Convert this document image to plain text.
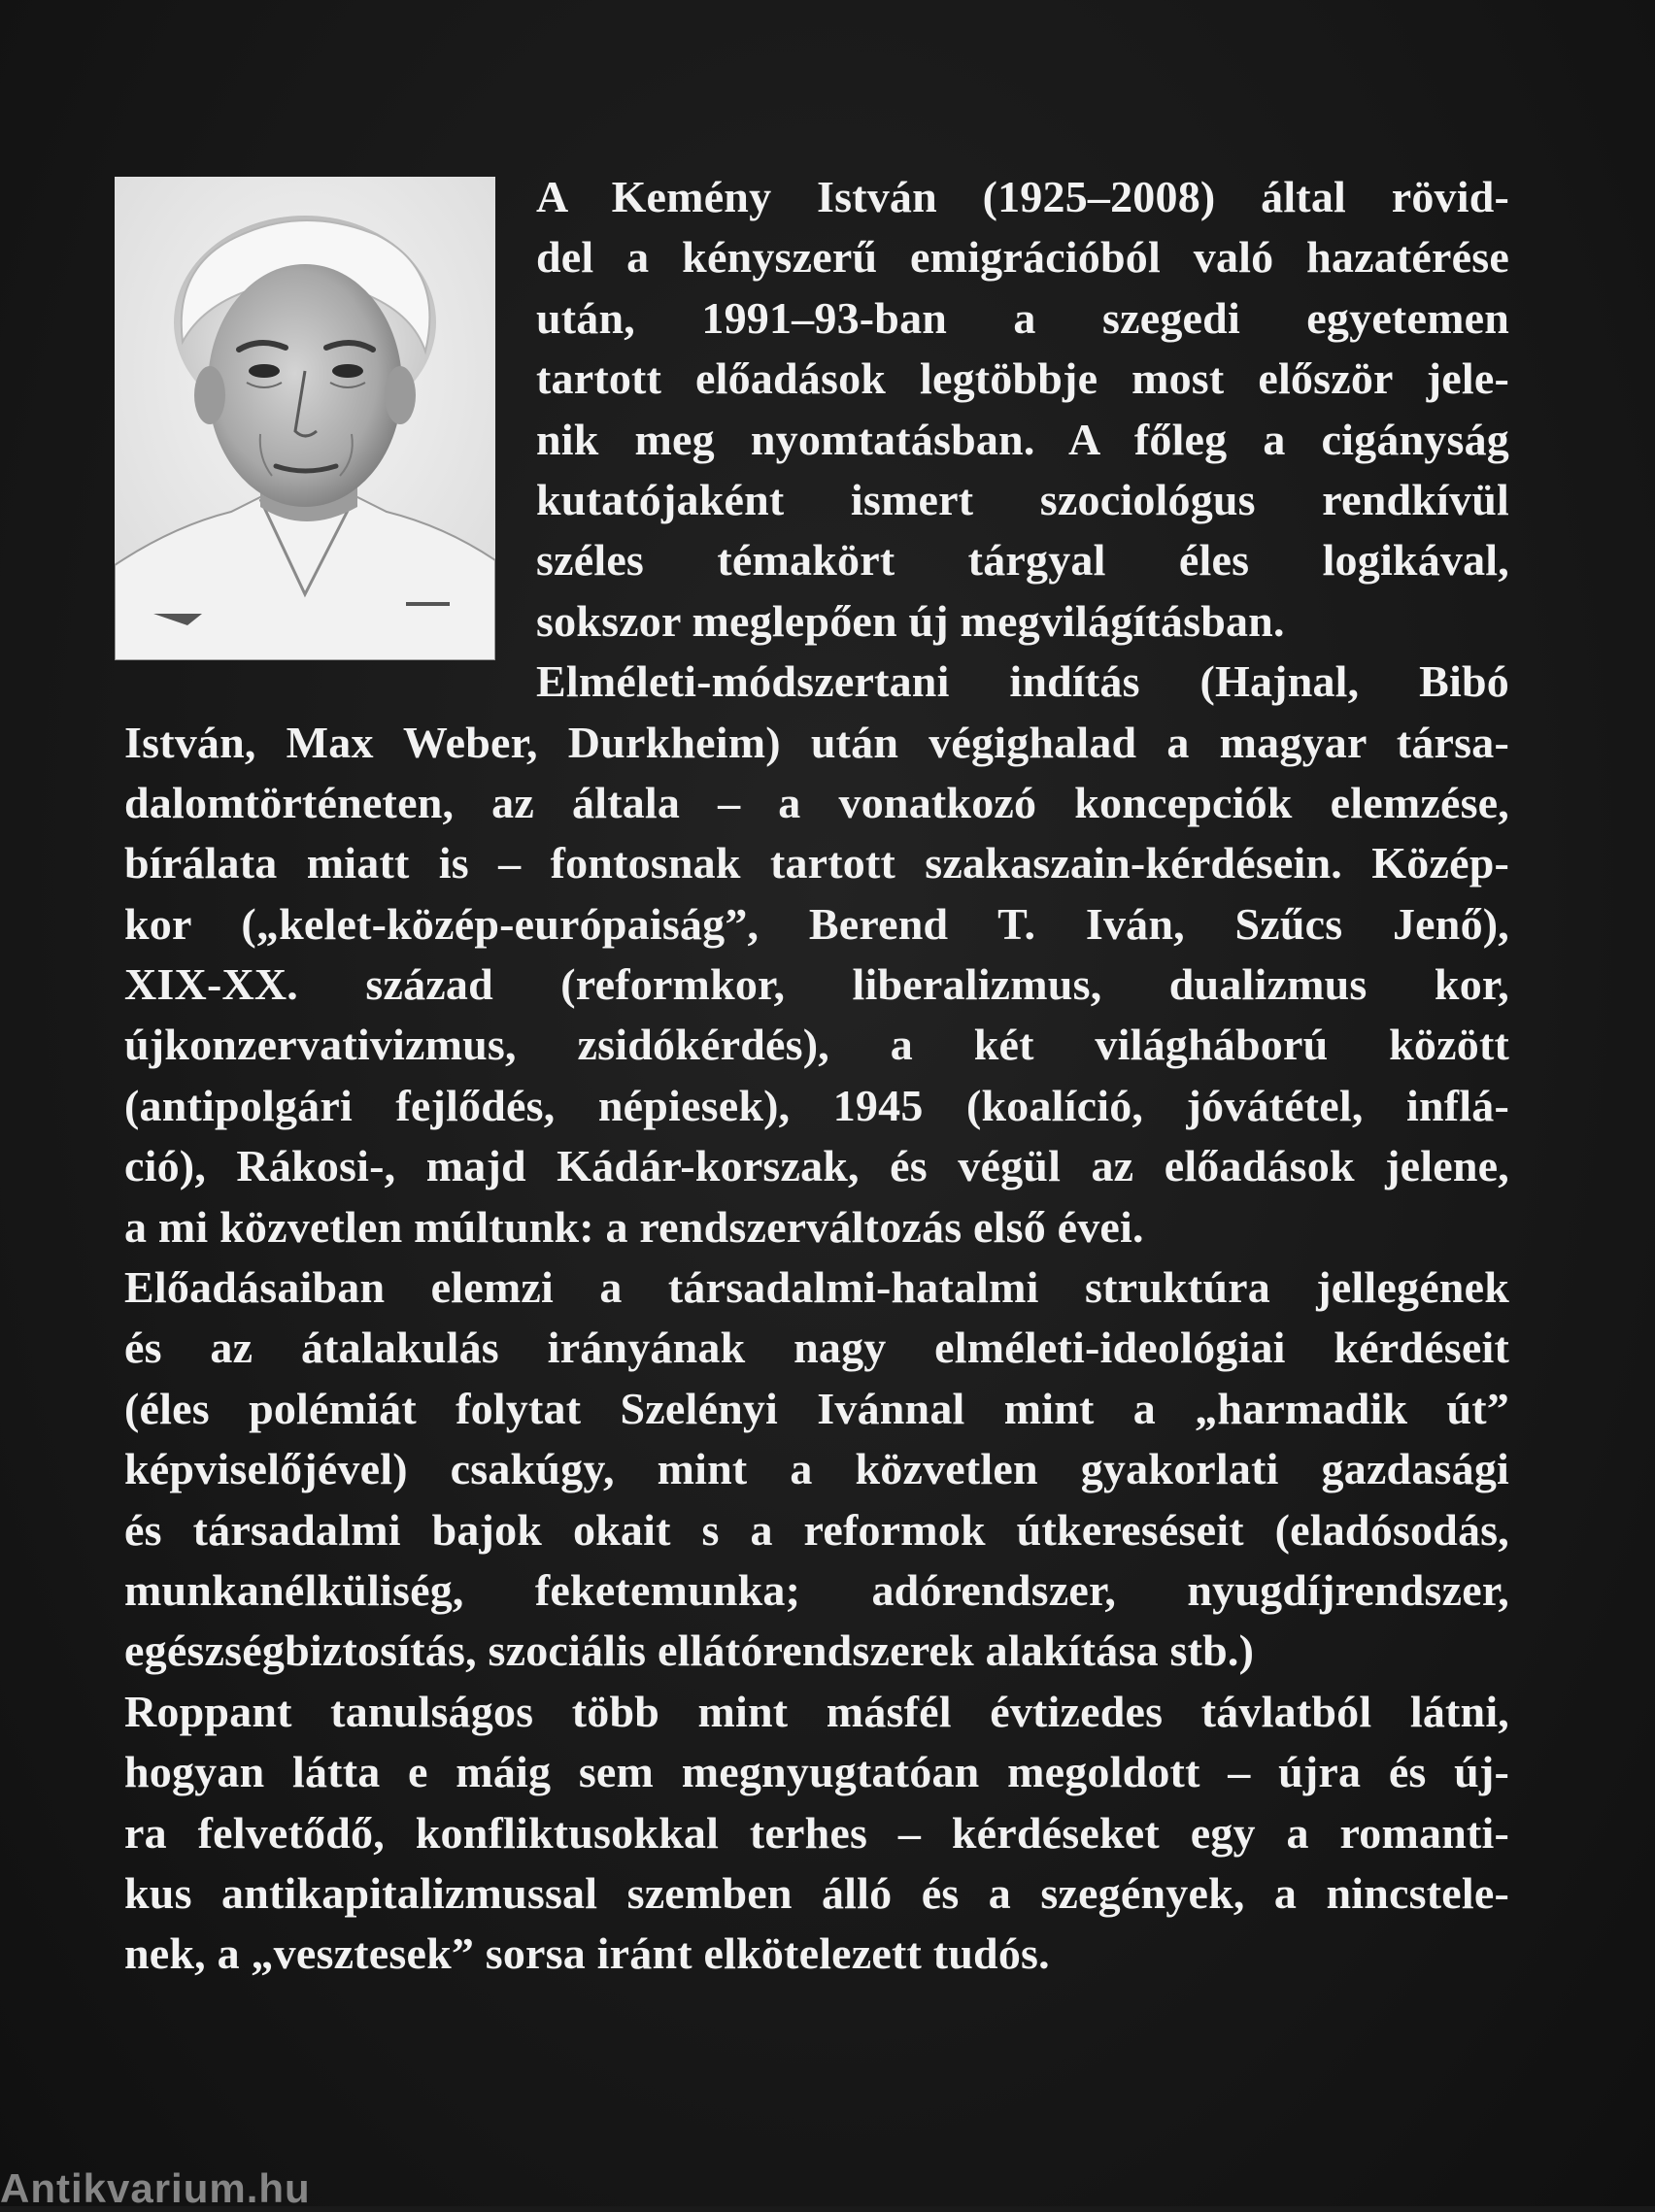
A Kemény István (1925–2008) által rövid-
del a kényszerű emigrációból való hazatérése
után, 1991–93-ban a szegedi egyetemen
tartott előadások legtöbbje most először jele-
nik meg nyomtatásban. A főleg a cigányság
kutatójaként ismert szociológus rendkívül
széles témakört tárgyal éles logikával,
sokszor meglepően új megvilágításban.
Elméleti-módszertani indítás (Hajnal, Bibó
István, Max Weber, Durkheim) után végighalad a magyar társa-
dalomtörténeten, az általa – a vonatkozó koncepciók elemzése,
bírálata miatt is – fontosnak tartott szakaszain-kérdésein. Közép-
kor („kelet-közép-európaiság”, Berend T. Iván, Szűcs Jenő),
XIX-XX. század (reformkor, liberalizmus, dualizmus kor,
újkonzervativizmus, zsidókérdés), a két világháború között
(antipolgári fejlődés, népiesek), 1945 (koalíció, jóvátétel, inflá-
ció), Rákosi-, majd Kádár-korszak, és végül az előadások jelene,
a mi közvetlen múltunk: a rendszerváltozás első évei.
Előadásaiban elemzi a társadalmi-hatalmi struktúra jellegének
és az átalakulás irányának nagy elméleti-ideológiai kérdéseit
(éles polémiát folytat Szelényi Ivánnal mint a „harmadik út”
képviselőjével) csakúgy, mint a közvetlen gyakorlati gazdasági
és társadalmi bajok okait s a reformok útkereséseit (eladósodás,
munkanélküliség, feketemunka; adórendszer, nyugdíjrendszer,
egészségbiztosítás, szociális ellátórendszerek alakítása stb.)
Roppant tanulságos több mint másfél évtizedes távlatból látni,
hogyan látta e máig sem megnyugtatóan megoldott – újra és új-
ra felvetődő, konfliktusokkal terhes – kérdéseket egy a romanti-
kus antikapitalizmussal szemben álló és a szegények, a nincstele-
nek, a „vesztesek” sorsa iránt elkötelezett tudós.
Antikvarium.hu
